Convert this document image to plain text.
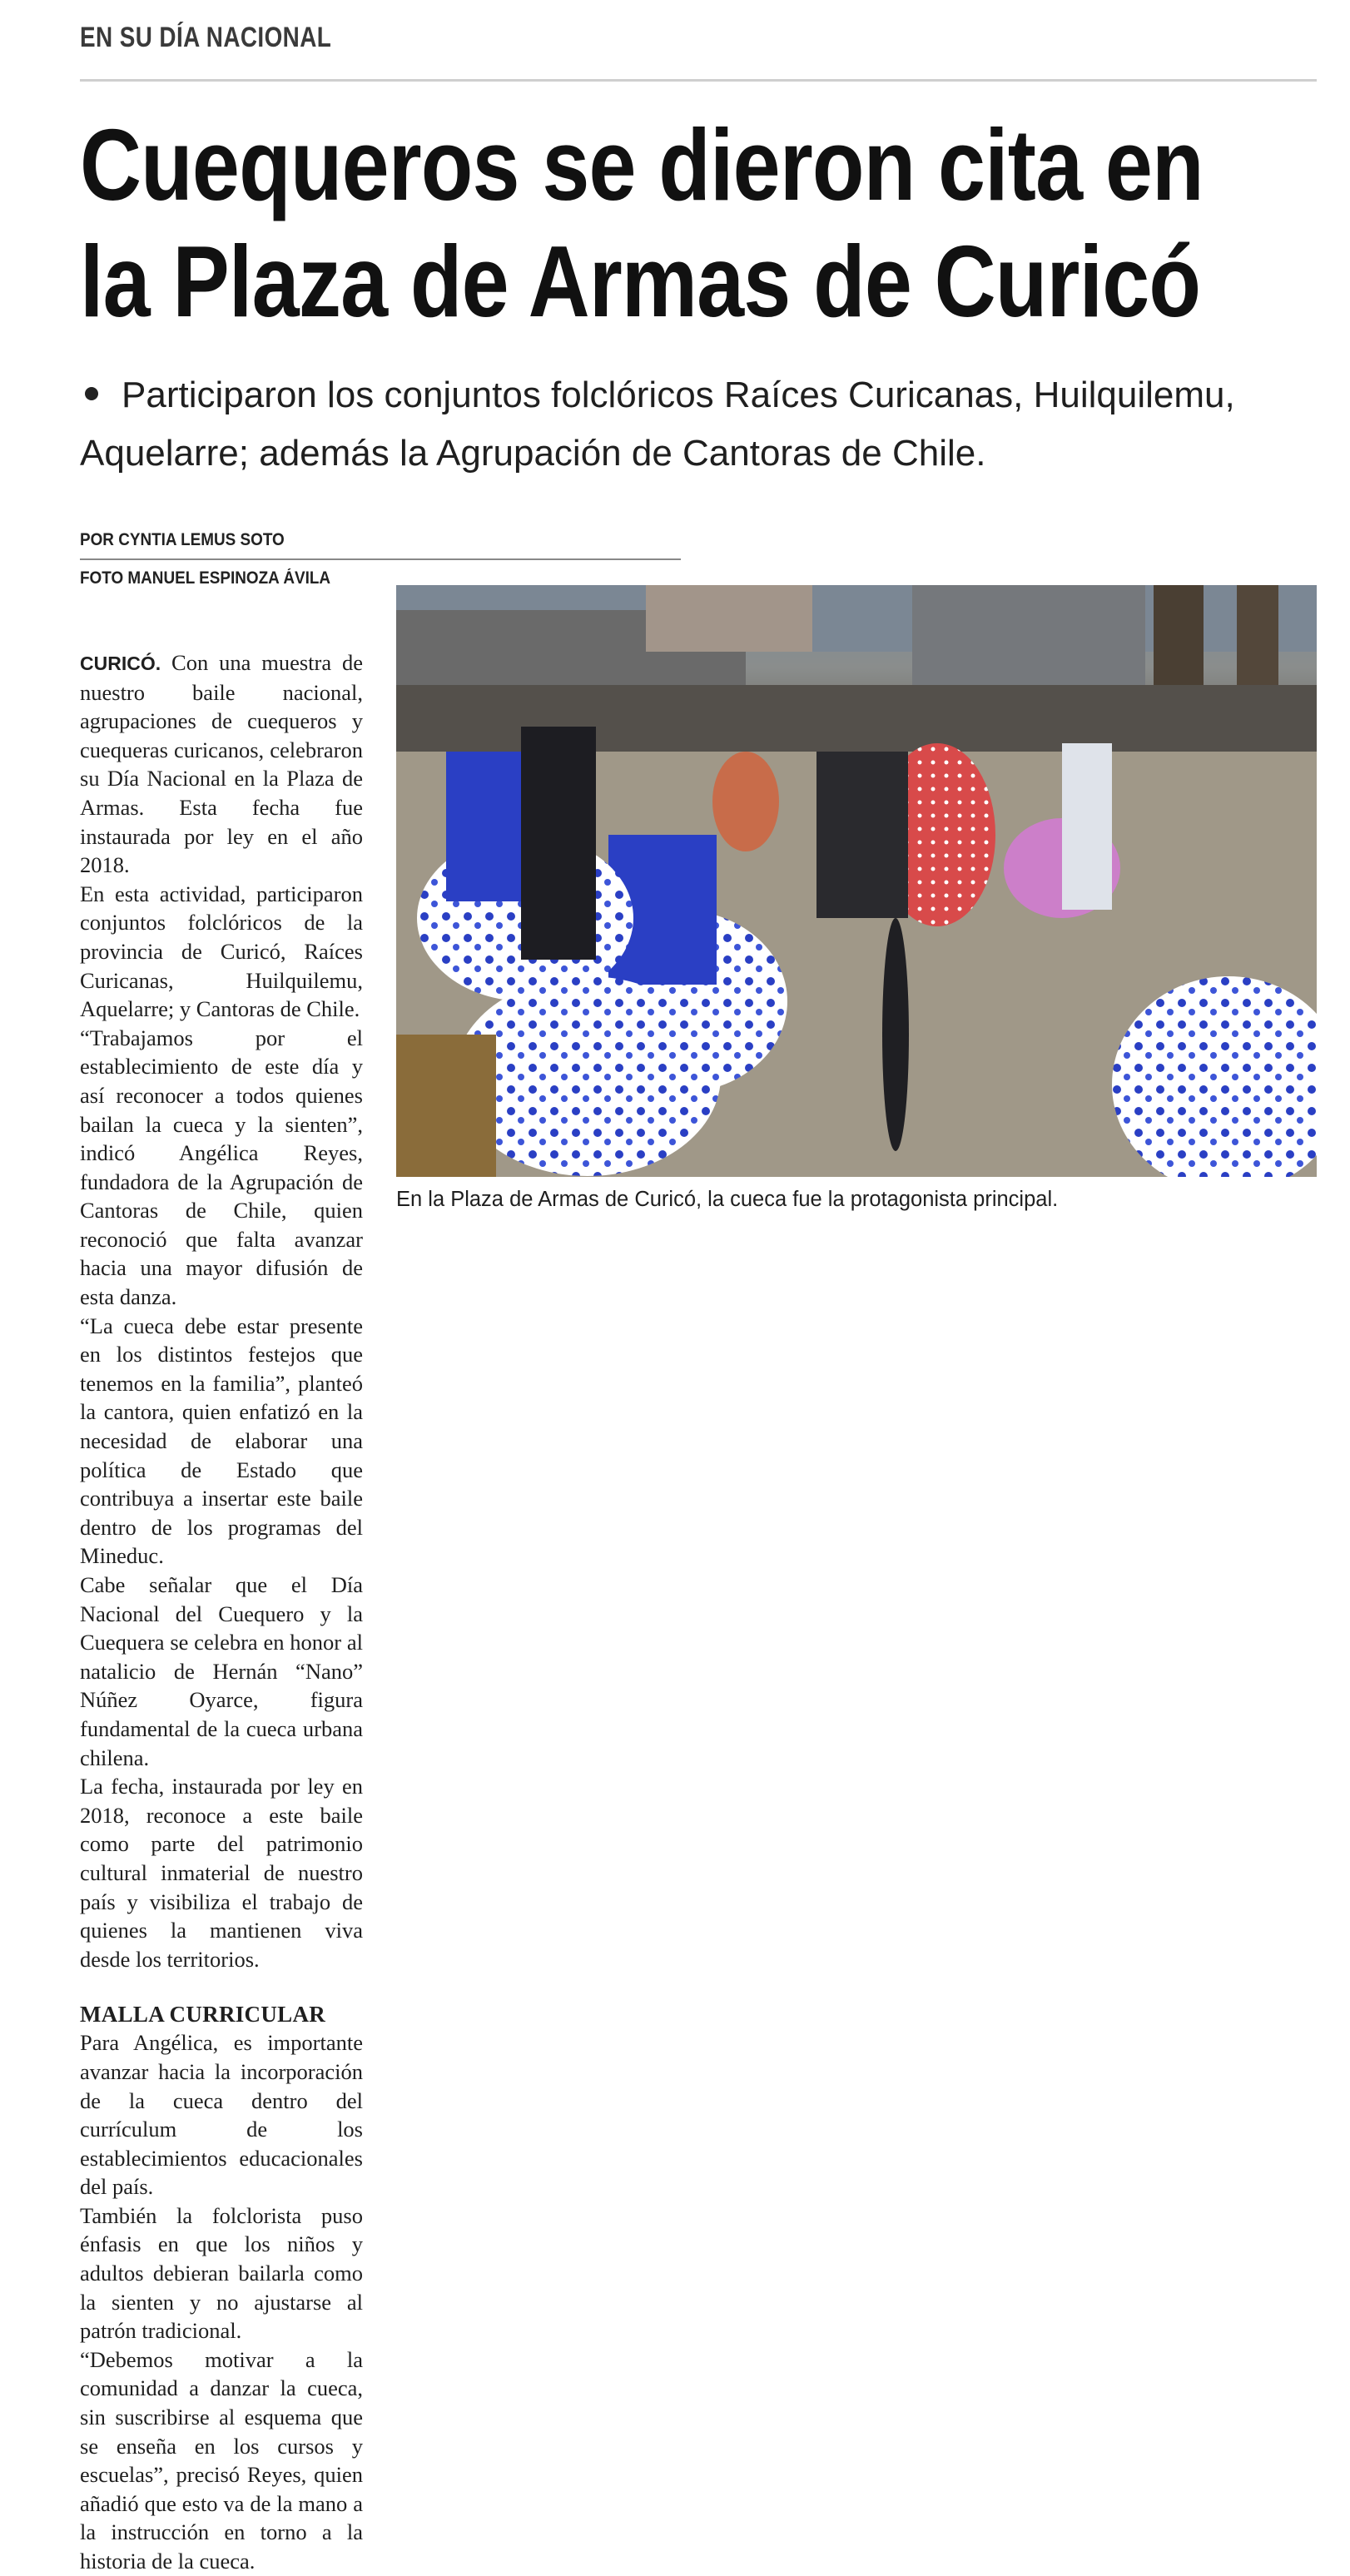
EN SU DÍA NACIONAL
Cuequeros se dieron cita en
la Plaza de Armas de Curicó
Participaron los conjuntos folclóricos Raíces Curicanas, Huilquilemu, Aquelarre; además la Agrupación de Cantoras de Chile.
POR CYNTIA LEMUS SOTO
FOTO MANUEL ESPINOZA ÁVILA
En la Plaza de Armas de Curicó, la cueca fue la protagonista principal.

CURICÓ. Con una muestra de nuestro baile nacional, agrupaciones de cuequeros y cuequeras curicanos, celebraron su Día Nacional en la Plaza de Armas. Esta fecha fue instaurada por ley en el año 2018.

En esta actividad, participaron conjuntos folclóricos de la provincia de Curicó, Raíces Curicanas, Huilquilemu, Aquelarre; y Cantoras de Chile.

“Trabajamos por el establecimiento de este día y así reconocer a todos quienes bailan la cueca y la sienten”, indicó Angélica Reyes, fundadora de la Agrupación de Cantoras de Chile, quien reconoció que falta avanzar hacia una mayor difusión de esta danza.

“La cueca debe estar presente en los distintos festejos que tenemos en la familia”, planteó la cantora, quien enfatizó en la necesidad de elaborar una política de Estado que contribuya a insertar este baile dentro de los programas del Mineduc.

Cabe señalar que el Día Nacional del Cuequero y la Cuequera se celebra en honor al natalicio de Hernán “Nano” Núñez Oyarce, figura fundamental de la cueca urbana chilena.

La fecha, instaurada por ley en 2018, reconoce a este baile como parte del patrimonio cultural inmaterial de nuestro país y visibiliza el trabajo de quienes la mantienen viva desde los territorios.

MALLA CURRICULAR

Para Angélica, es importante avanzar hacia la incorporación de la cueca dentro del currículum de los establecimientos educacionales del país.

También la folclorista puso énfasis en que los niños y adultos debieran bailarla como la sienten y no ajustarse al patrón tradicional.

“Debemos motivar a la comunidad a danzar la cueca, sin suscribirse al esquema que se enseña en los cursos y escuelas”, precisó Reyes, quien añadió que esto va de la mano a la instrucción en torno a la historia de la cueca.
